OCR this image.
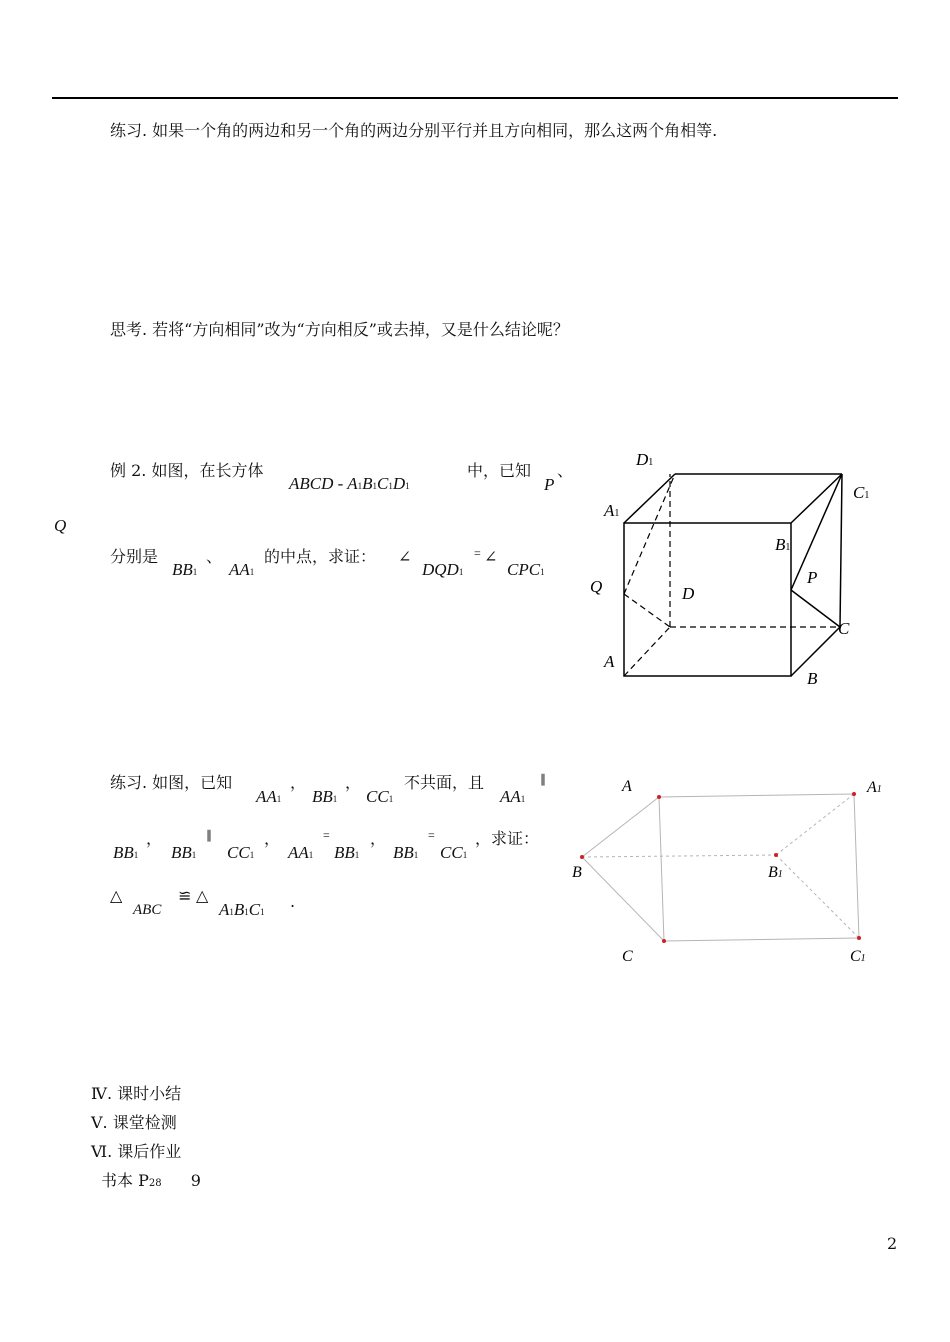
练习. 如果一个角的两边和另一个角的两边分别平行并且方向相同，那么这两个角相等.
思考. 若将“方向相同”改为“方向相反”或去掉，又是什么结论呢？
例 2. 如图，在长方体
ABCD - A1B1C1D1
中，已知
P
、
Q
分别是
BB1
、
AA1
的中点，求证： ∠
DQD1
= ∠
CPC1
D1
A1
C1
B1
P
Q	D
C
A
B
练习. 如图，已知
AA1
，
BB1
，
CC1
不共面，且
AA1
∥
BB1
，
BB1
∥
CC1
，
AA1
=
BB1
，
BB1
=
CC1
，求证：
△
ABC
≌ △
A1B1C1
.
A
B
C
A1
B1
C1
Ⅳ. 课时小结
Ⅴ. 课堂检测
Ⅵ. 课后作业
书本 P28 9
2
